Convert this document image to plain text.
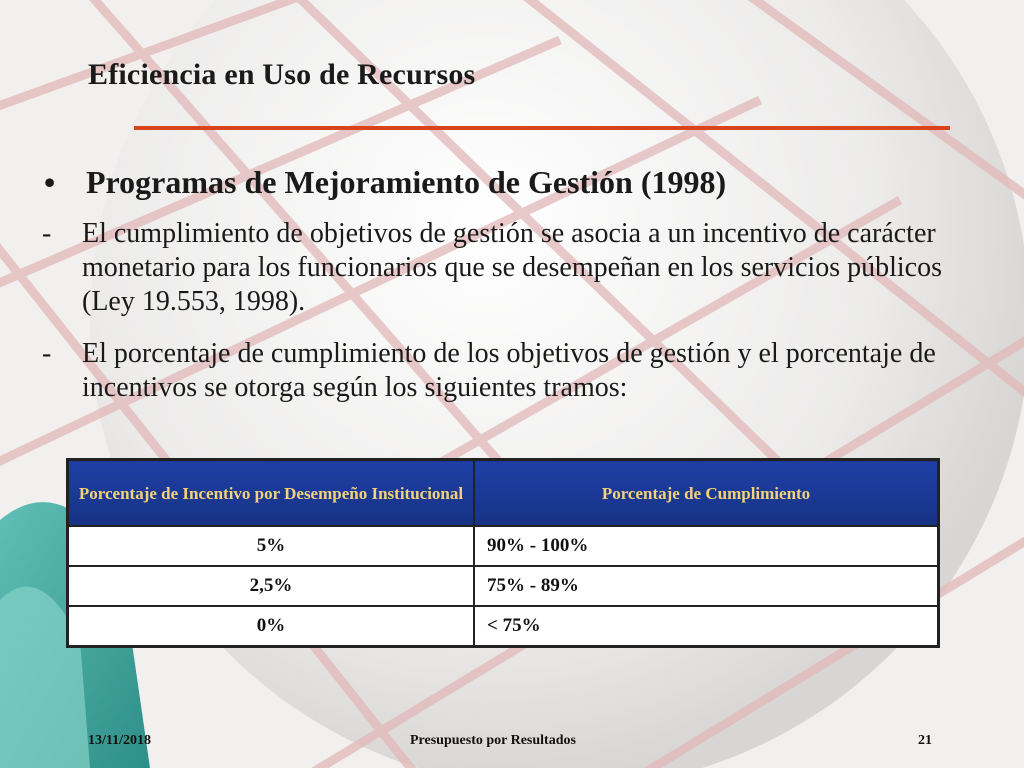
Eficiencia en Uso de Recursos
• Programas de Mejoramiento de Gestión (1998)
- El cumplimiento de objetivos de gestión se asocia a un incentivo de carácter monetario para los funcionarios que se desempeñan en los servicios públicos (Ley 19.553, 1998).
- El porcentaje de cumplimiento de los objetivos de gestión y el porcentaje de incentivos se otorga según los siguientes tramos:
Porcentaje de Incentivo por Desempeño Institucional	Porcentaje de Cumplimiento
5%	90% - 100%
2,5%	75% - 89%
0%	< 75%
13/11/2018	Presupuesto por Resultados	21
